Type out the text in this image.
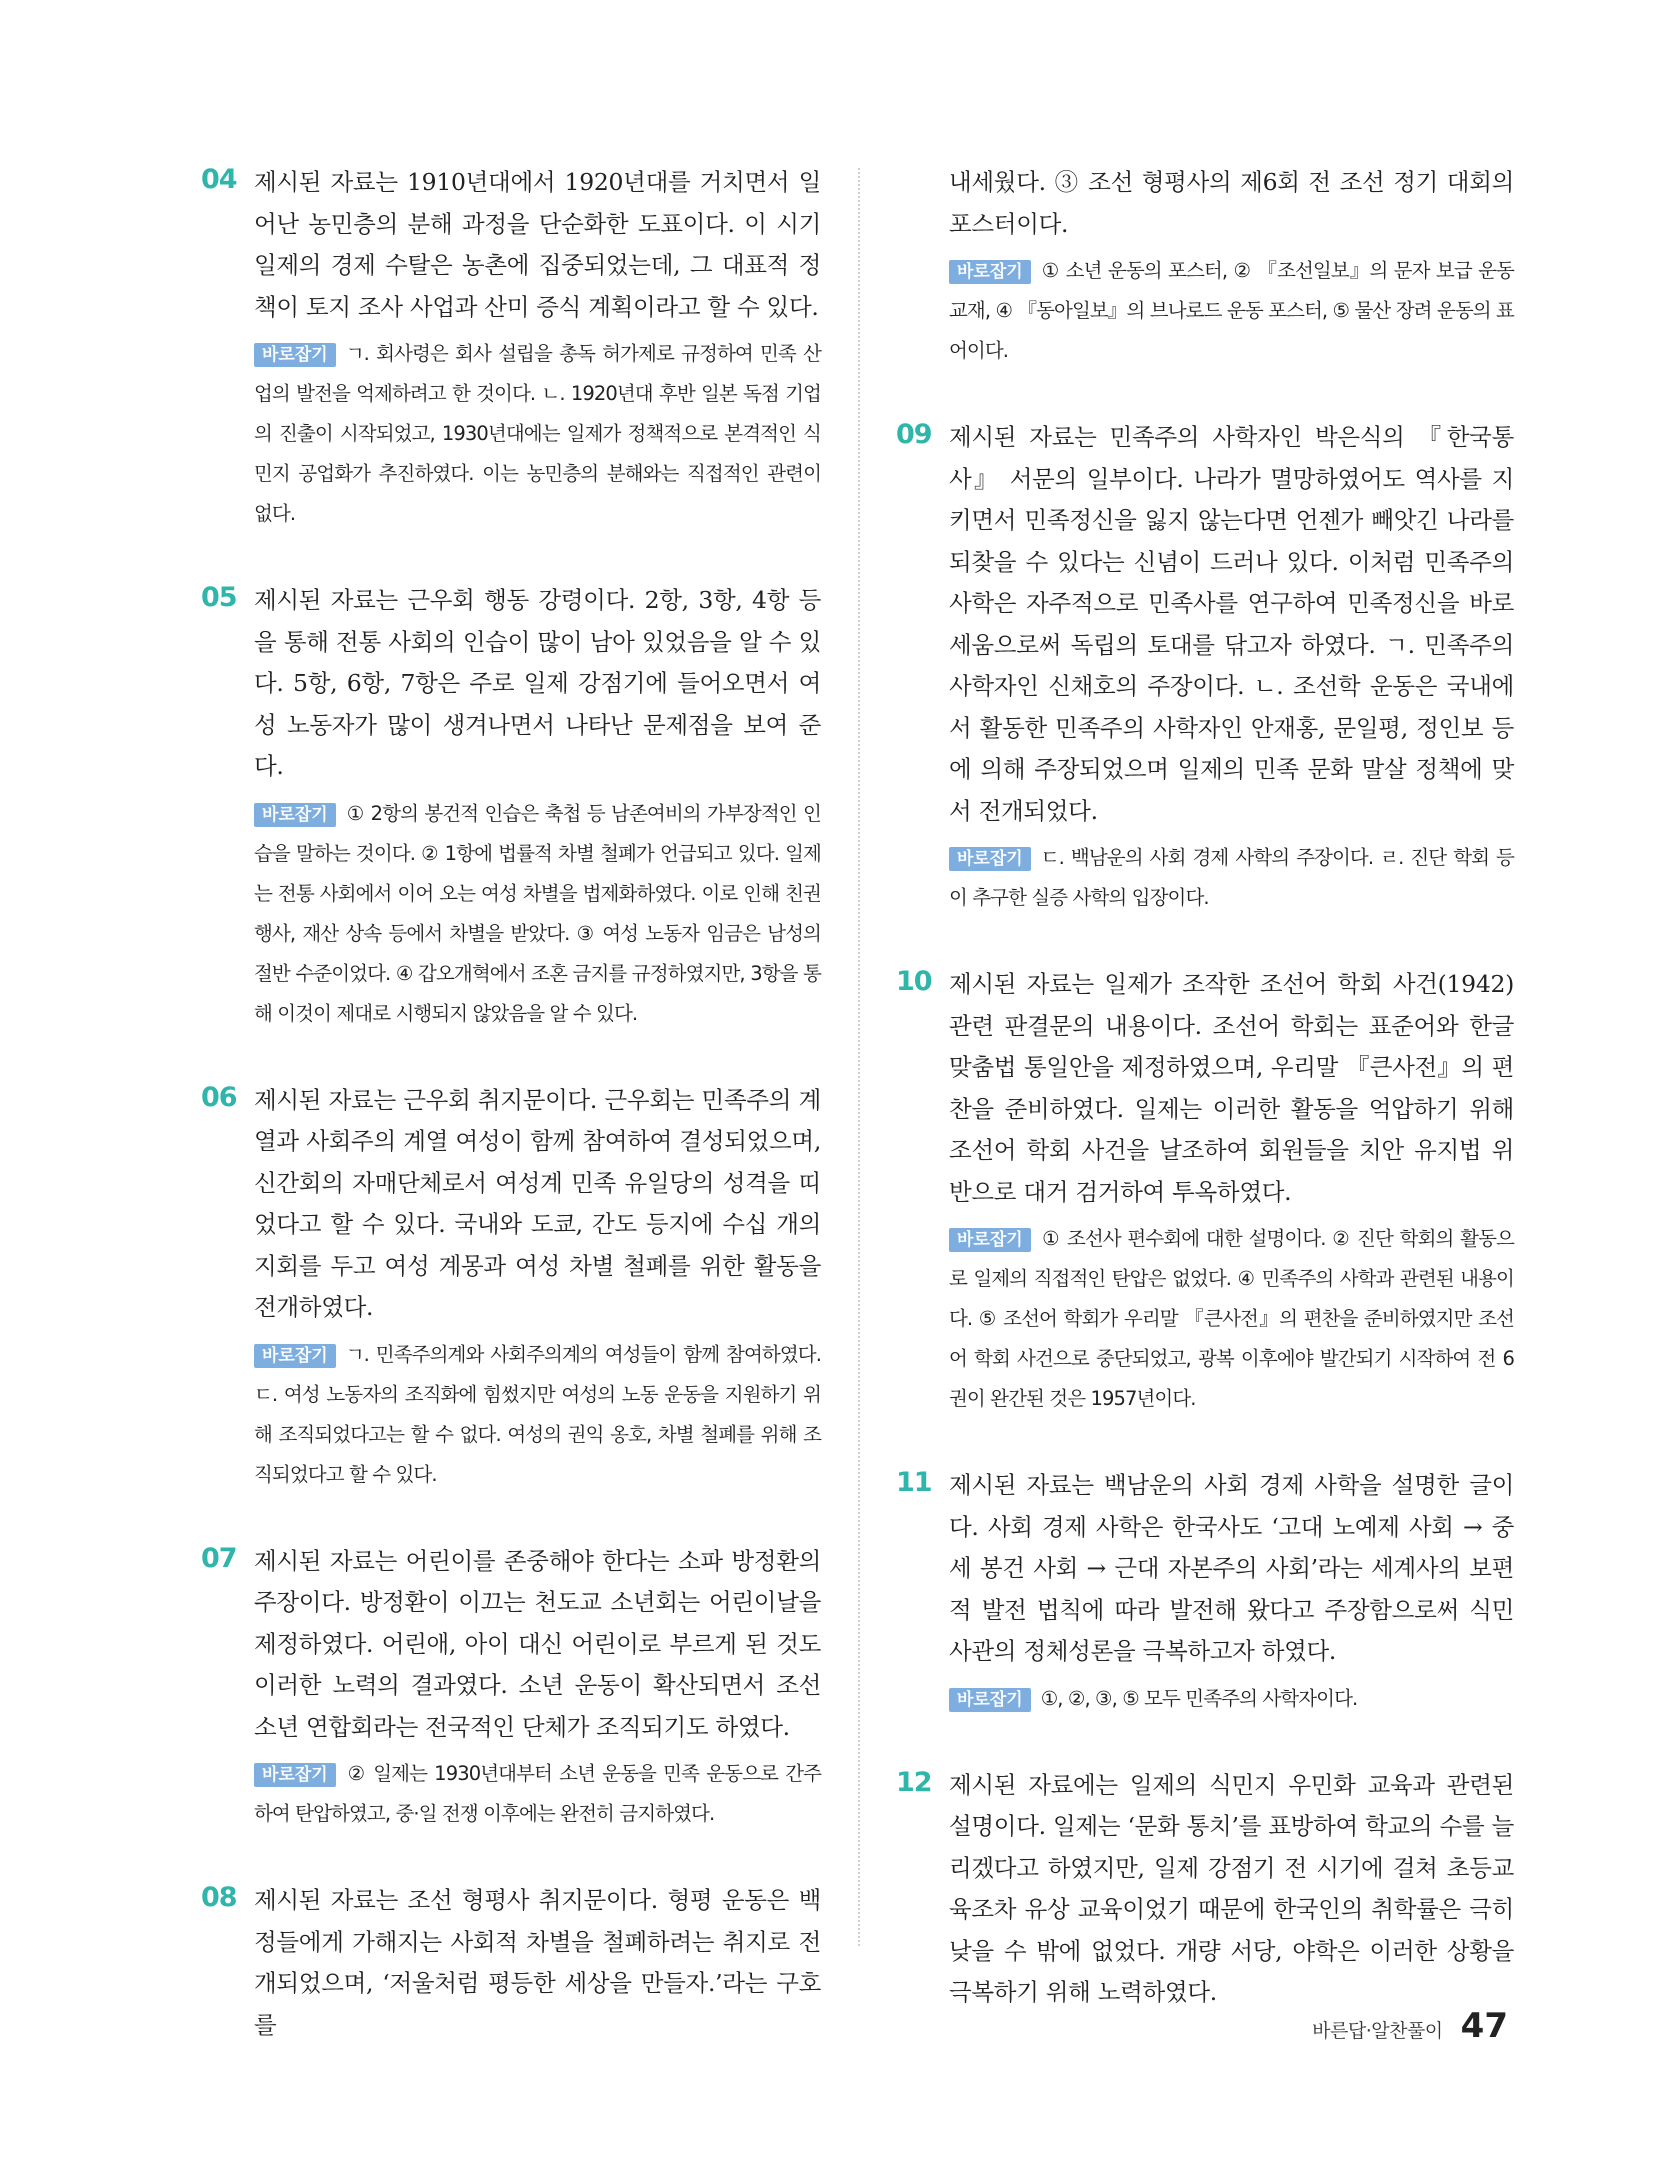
04 제시된 자료는 1910년대에서 1920년대를 거치면서 일어난 농민층의 분해 과정을 단순화한 도표이다. 이 시기 일제의 경제 수탈은 농촌에 집중되었는데, 그 대표적 정책이 토지 조사 사업과 산미 증식 계획이라고 할 수 있다.
바로잡기 ㄱ. 회사령은 회사 설립을 총독 허가제로 규정하여 민족 산업의 발전을 억제하려고 한 것이다. ㄴ. 1920년대 후반 일본 독점 기업의 진출이 시작되었고, 1930년대에는 일제가 정책적으로 본격적인 식민지 공업화가 추진하였다. 이는 농민층의 분해와는 직접적인 관련이 없다.
05 제시된 자료는 근우회 행동 강령이다. 2항, 3항, 4항 등을 통해 전통 사회의 인습이 많이 남아 있었음을 알 수 있다. 5항, 6항, 7항은 주로 일제 강점기에 들어오면서 여성 노동자가 많이 생겨나면서 나타난 문제점을 보여 준다.
바로잡기 ① 2항의 봉건적 인습은 축첩 등 남존여비의 가부장적인 인습을 말하는 것이다. ② 1항에 법률적 차별 철폐가 언급되고 있다. 일제는 전통 사회에서 이어 오는 여성 차별을 법제화하였다. 이로 인해 친권 행사, 재산 상속 등에서 차별을 받았다. ③ 여성 노동자 임금은 남성의 절반 수준이었다. ④ 갑오개혁에서 조혼 금지를 규정하였지만, 3항을 통해 이것이 제대로 시행되지 않았음을 알 수 있다.
06 제시된 자료는 근우회 취지문이다. 근우회는 민족주의 계열과 사회주의 계열 여성이 함께 참여하여 결성되었으며, 신간회의 자매단체로서 여성계 민족 유일당의 성격을 띠었다고 할 수 있다. 국내와 도쿄, 간도 등지에 수십 개의 지회를 두고 여성 계몽과 여성 차별 철폐를 위한 활동을 전개하였다.
바로잡기 ㄱ. 민족주의계와 사회주의계의 여성들이 함께 참여하였다. ㄷ. 여성 노동자의 조직화에 힘썼지만 여성의 노동 운동을 지원하기 위해 조직되었다고는 할 수 없다. 여성의 권익 옹호, 차별 철폐를 위해 조직되었다고 할 수 있다.
07 제시된 자료는 어린이를 존중해야 한다는 소파 방정환의 주장이다. 방정환이 이끄는 천도교 소년회는 어린이날을 제정하였다. 어린애, 아이 대신 어린이로 부르게 된 것도 이러한 노력의 결과였다. 소년 운동이 확산되면서 조선 소년 연합회라는 전국적인 단체가 조직되기도 하였다.
바로잡기 ② 일제는 1930년대부터 소년 운동을 민족 운동으로 간주하여 탄압하였고, 중·일 전쟁 이후에는 완전히 금지하였다.
08 제시된 자료는 조선 형평사 취지문이다. 형평 운동은 백정들에게 가해지는 사회적 차별을 철폐하려는 취지로 전개되었으며, ‘저울처럼 평등한 세상을 만들자.’라는 구호를
내세웠다. ③ 조선 형평사의 제6회 전 조선 정기 대회의 포스터이다.
바로잡기 ① 소년 운동의 포스터, ② 『조선일보』의 문자 보급 운동 교재, ④ 『동아일보』의 브나로드 운동 포스터, ⑤ 물산 장려 운동의 표어이다.
09 제시된 자료는 민족주의 사학자인 박은식의 『한국통사』 서문의 일부이다. 나라가 멸망하였어도 역사를 지키면서 민족정신을 잃지 않는다면 언젠가 빼앗긴 나라를 되찾을 수 있다는 신념이 드러나 있다. 이처럼 민족주의 사학은 자주적으로 민족사를 연구하여 민족정신을 바로 세움으로써 독립의 토대를 닦고자 하였다. ㄱ. 민족주의 사학자인 신채호의 주장이다. ㄴ. 조선학 운동은 국내에서 활동한 민족주의 사학자인 안재홍, 문일평, 정인보 등에 의해 주장되었으며 일제의 민족 문화 말살 정책에 맞서 전개되었다.
바로잡기 ㄷ. 백남운의 사회 경제 사학의 주장이다. ㄹ. 진단 학회 등이 추구한 실증 사학의 입장이다.
10 제시된 자료는 일제가 조작한 조선어 학회 사건(1942) 관련 판결문의 내용이다. 조선어 학회는 표준어와 한글 맞춤법 통일안을 제정하였으며, 우리말 『큰사전』의 편찬을 준비하였다. 일제는 이러한 활동을 억압하기 위해 조선어 학회 사건을 날조하여 회원들을 치안 유지법 위반으로 대거 검거하여 투옥하였다.
바로잡기 ① 조선사 편수회에 대한 설명이다. ② 진단 학회의 활동으로 일제의 직접적인 탄압은 없었다. ④ 민족주의 사학과 관련된 내용이다. ⑤ 조선어 학회가 우리말 『큰사전』의 편찬을 준비하였지만 조선어 학회 사건으로 중단되었고, 광복 이후에야 발간되기 시작하여 전 6권이 완간된 것은 1957년이다.
11 제시된 자료는 백남운의 사회 경제 사학을 설명한 글이다. 사회 경제 사학은 한국사도 ‘고대 노예제 사회 → 중세 봉건 사회 → 근대 자본주의 사회’라는 세계사의 보편적 발전 법칙에 따라 발전해 왔다고 주장함으로써 식민 사관의 정체성론을 극복하고자 하였다.
바로잡기 ①, ②, ③, ⑤ 모두 민족주의 사학자이다.
12 제시된 자료에는 일제의 식민지 우민화 교육과 관련된 설명이다. 일제는 ‘문화 통치’를 표방하여 학교의 수를 늘리겠다고 하였지만, 일제 강점기 전 시기에 걸쳐 초등교육조차 유상 교육이었기 때문에 한국인의 취학률은 극히 낮을 수 밖에 없었다. 개량 서당, 야학은 이러한 상황을 극복하기 위해 노력하였다.
바른답·알찬풀이 47
